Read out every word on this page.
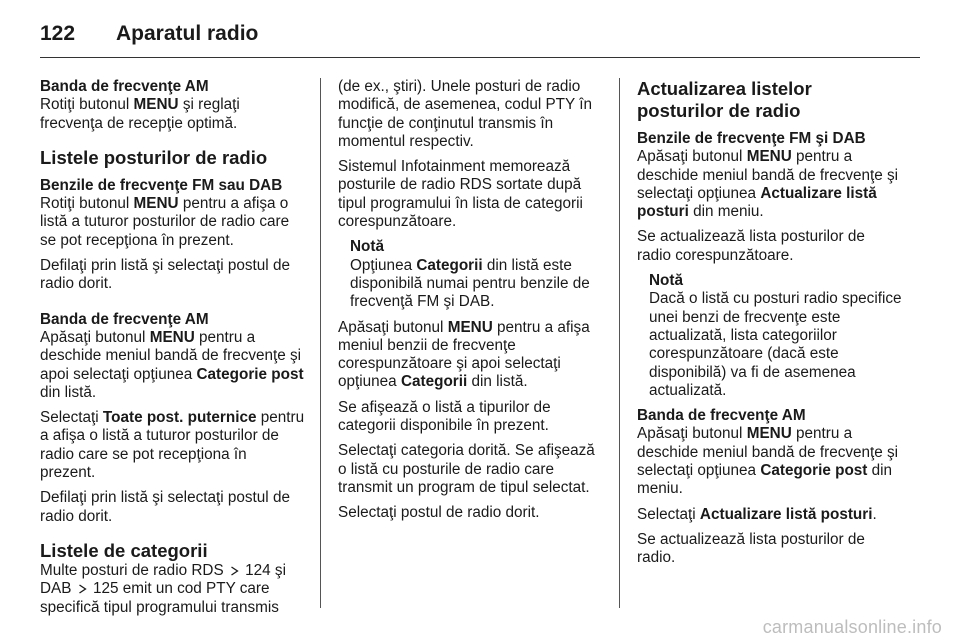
122	Aparatul radio
Banda de frecvenţe AM

Rotiţi butonul MENU şi reglaţi frecvenţa de recepţie optimă.

Listele posturilor de radio
Benzile de frecvenţe FM sau DAB

Rotiţi butonul MENU pentru a afişa o listă a tuturor posturilor de radio care se pot recepţiona în prezent.

Defilaţi prin listă şi selectaţi postul de radio dorit.

Banda de frecvenţe AM

Apăsaţi butonul MENU pentru a deschide meniul bandă de frecvenţe şi apoi selectaţi opţiunea Categorie post din listă.

Selectaţi Toate post. puternice pentru a afişa o listă a tuturor posturilor de radio care se pot recepţiona în prezent.

Defilaţi prin listă şi selectaţi postul de radio dorit.

Listele de categorii

Multe posturi de radio RDS  124 şi DAB  125 emit un cod PTY care specifică tipul programului transmis

(de ex., ştiri). Unele posturi de radio modifică, de asemenea, codul PTY în funcţie de conţinutul transmis în momentul respectiv.

Sistemul Infotainment memorează posturile de radio RDS sortate după tipul programului în lista de categorii corespunzătoare.

Notă
Opţiunea Categorii din listă este disponibilă numai pentru benzile de frecvenţă FM şi DAB.

Apăsaţi butonul MENU pentru a afişa meniul benzii de frecvenţe corespunzătoare şi apoi selectaţi opţiunea Categorii din listă.

Se afişează o listă a tipurilor de categorii disponibile în prezent.

Selectaţi categoria dorită. Se afişează o listă cu posturile de radio care transmit un program de tipul selectat.

Selectaţi postul de radio dorit.

Actualizarea listelor posturilor de radio
Benzile de frecvenţe FM şi DAB

Apăsaţi butonul MENU pentru a deschide meniul bandă de frecvenţe şi selectaţi opţiunea Actualizare listă posturi din meniu.

Se actualizează lista posturilor de radio corespunzătoare.

Notă
Dacă o listă cu posturi radio specifice unei benzi de frecvenţe este actualizată, lista categoriilor corespunzătoare (dacă este disponibilă) va fi de asemenea actualizată.
Banda de frecvenţe AM

Apăsaţi butonul MENU pentru a deschide meniul bandă de frecvenţe şi selectaţi opţiunea Categorie post din meniu.

Selectaţi Actualizare listă posturi.

Se actualizează lista posturilor de radio.

carmanualsonline.info
